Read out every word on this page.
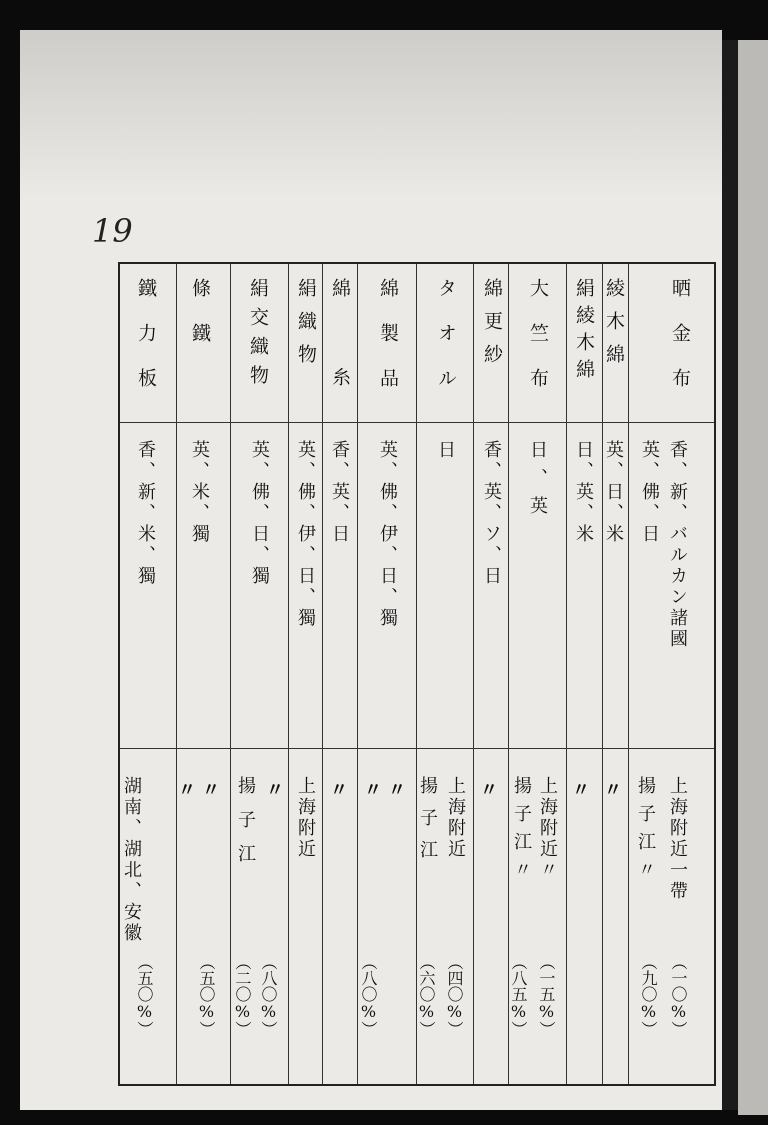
19
鐵力板
香、新、米、獨
湖南、湖北、安徽
（五〇%）
條鐵
英、米、獨
〃〃
（五〇%）
絹交織物
英、佛、日、獨
揚子江 〃
（二〇%）
絹織物
英、佛、伊、日、獨
上海附近
（八〇%）
綿糸
香、英、日
〃
綿製品
英、佛、伊、日、獨
〃〃
（八〇%）
タオル
日
揚子江
（六〇%）
綿更紗
香、英、ソ、日
上海附近 〃
（四〇%）
大竺布
日、英
揚子江〃
（八五%）
絹綾木綿
日、英、米
上海附近〃 〃
（一五%）
綾木綿
英、日、米
〃
晒金布
香、新、バルカン諸國
英、佛、日
揚子江〃 上海附近一帶
（九〇%） （一〇%）
